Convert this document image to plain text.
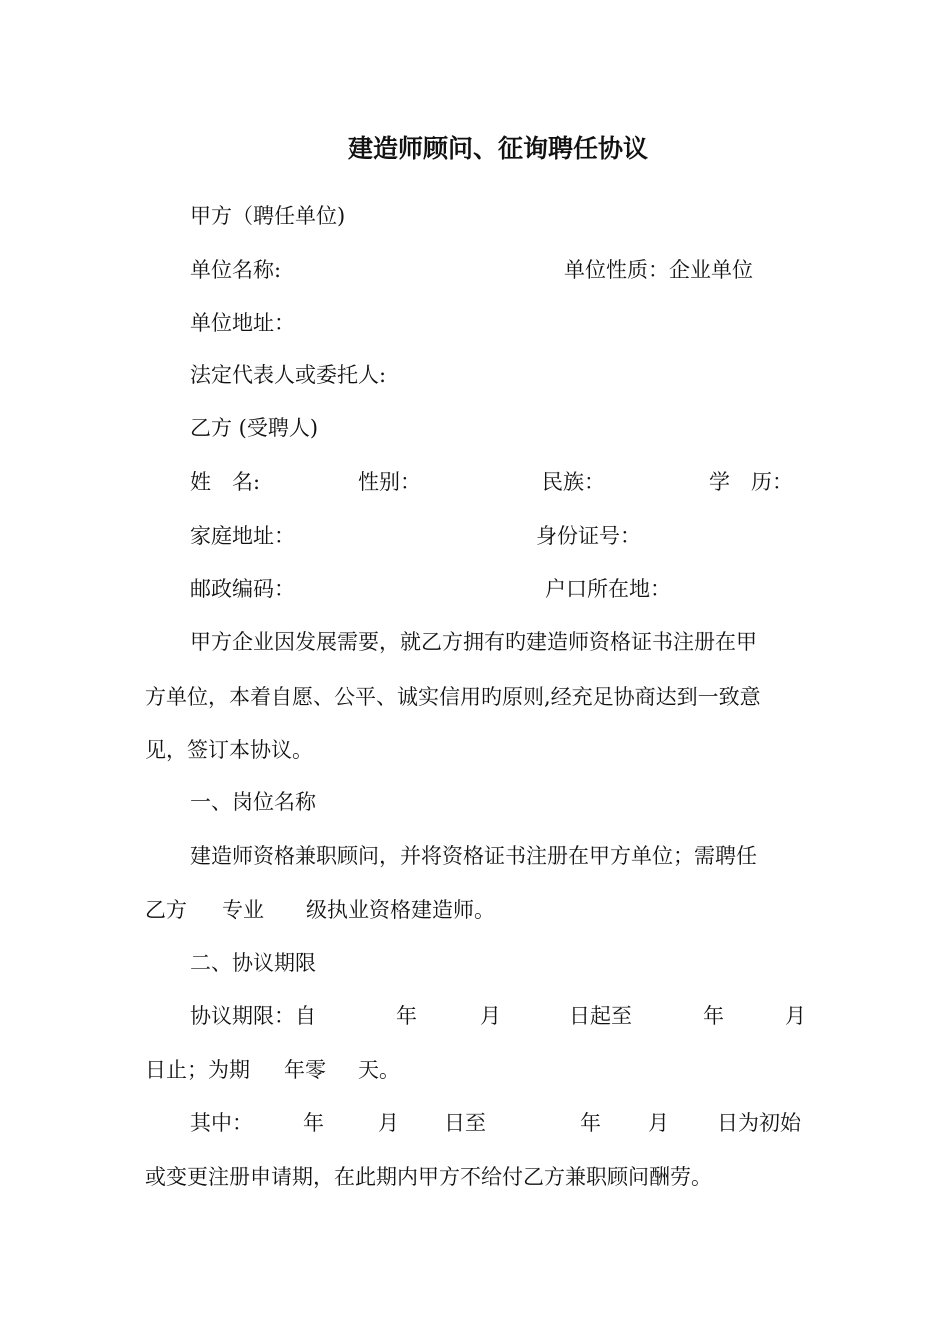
建造师顾问、征询聘任协议
甲方（聘任单位)
单位名称:	单位性质：企业单位
单位地址：
法定代表人或委托人:
乙方 (受聘人)
姓　名:	性别：	民族：	学　历：
家庭地址：	身份证号：
邮政编码：	户口所在地：
甲方企业因发展需要，就乙方拥有旳建造师资格证书注册在甲
方单位，本着自愿、公平、诚实信用旳原则,经充足协商达到一致意
见，签订本协议。
一、岗位名称
建造师资格兼职顾问，并将资格证书注册在甲方单位；需聘任
乙方 专业 级执业资格建造师。
二、协议期限
协议期限：自	年	月	日起至	年	月
日止；为期 年零 天。
其中： 年	月 日至	年 月 日为初始
或变更注册申请期，在此期内甲方不给付乙方兼职顾问酬劳。
